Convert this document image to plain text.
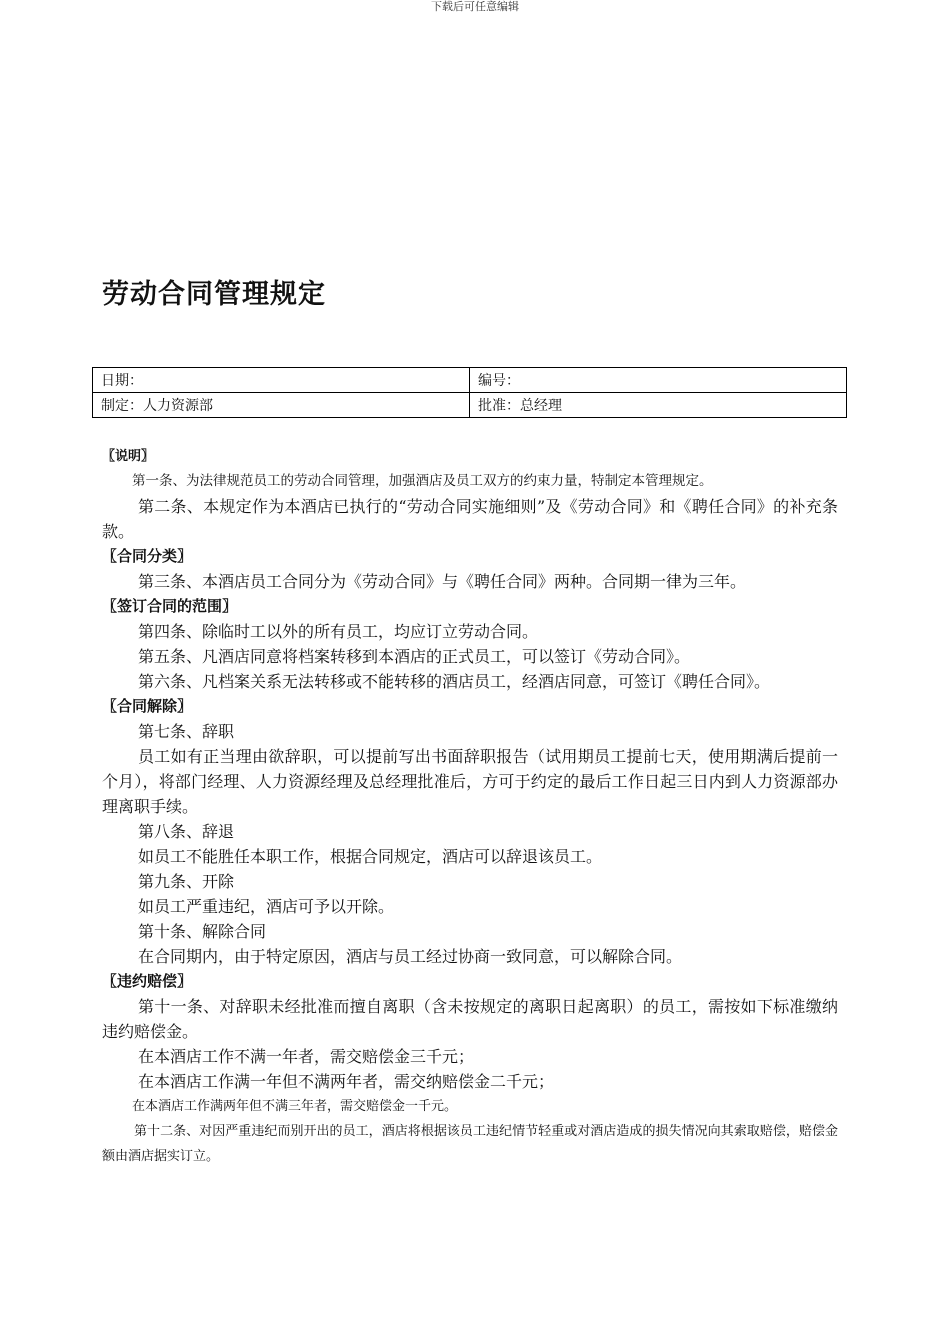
下载后可任意编辑
劳动合同管理规定
日期：	编号：
制定：人力资源部	批准：总经理

〖说明〗

第一条、为法律规范员工的劳动合同管理，加强酒店及员工双方的约束力量，特制定本管理规定。

第二条、本规定作为本酒店已执行的“劳动合同实施细则”及《劳动合同》和《聘任合同》的补充条款。

〖合同分类〗

第三条、本酒店员工合同分为《劳动合同》与《聘任合同》两种。合同期一律为三年。

〖签订合同的范围〗

第四条、除临时工以外的所有员工，均应订立劳动合同。

第五条、凡酒店同意将档案转移到本酒店的正式员工，可以签订《劳动合同》。

第六条、凡档案关系无法转移或不能转移的酒店员工，经酒店同意，可签订《聘任合同》。

〖合同解除〗

第七条、辞职

员工如有正当理由欲辞职，可以提前写出书面辞职报告（试用期员工提前七天，使用期满后提前一个月），将部门经理、人力资源经理及总经理批准后，方可于约定的最后工作日起三日内到人力资源部办理离职手续。

第八条、辞退

如员工不能胜任本职工作，根据合同规定，酒店可以辞退该员工。

第九条、开除

如员工严重违纪，酒店可予以开除。

第十条、解除合同

在合同期内，由于特定原因，酒店与员工经过协商一致同意，可以解除合同。

〖违约赔偿〗

第十一条、对辞职未经批准而擅自离职（含未按规定的离职日起离职）的员工，需按如下标准缴纳违约赔偿金。

在本酒店工作不满一年者，需交赔偿金三千元；

在本酒店工作满一年但不满两年者，需交纳赔偿金二千元；

在本酒店工作满两年但不满三年者，需交赔偿金一千元。

第十二条、对因严重违纪而别开出的员工，酒店将根据该员工违纪情节轻重或对酒店造成的损失情况向其索取赔偿，赔偿金额由酒店据实订立。
